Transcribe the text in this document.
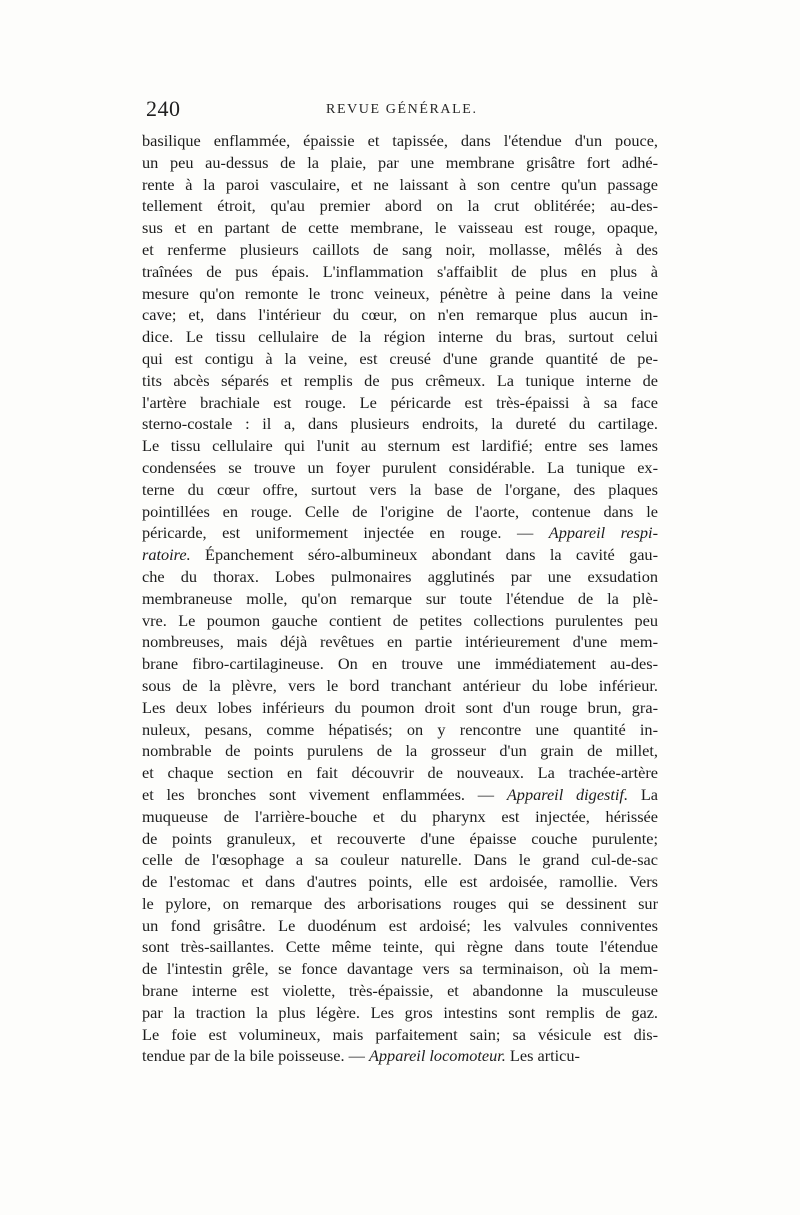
240	REVUE GÉNÉRALE.
basilique enflammée, épaissie et tapissée, dans l'étendue d'un pouce,
un peu au-dessus de la plaie, par une membrane grisâtre fort adhé-
rente à la paroi vasculaire, et ne laissant à son centre qu'un passage
tellement étroit, qu'au premier abord on la crut oblitérée; au-des-
sus et en partant de cette membrane, le vaisseau est rouge, opaque,
et renferme plusieurs caillots de sang noir, mollasse, mêlés à des
traînées de pus épais. L'inflammation s'affaiblit de plus en plus à
mesure qu'on remonte le tronc veineux, pénètre à peine dans la veine
cave; et, dans l'intérieur du cœur, on n'en remarque plus aucun in-
dice. Le tissu cellulaire de la région interne du bras, surtout celui
qui est contigu à la veine, est creusé d'une grande quantité de pe-
tits abcès séparés et remplis de pus crêmeux. La tunique interne de
l'artère brachiale est rouge. Le péricarde est très-épaissi à sa face
sterno-costale : il a, dans plusieurs endroits, la dureté du cartilage.
Le tissu cellulaire qui l'unit au sternum est lardifié; entre ses lames
condensées se trouve un foyer purulent considérable. La tunique ex-
terne du cœur offre, surtout vers la base de l'organe, des plaques
pointillées en rouge. Celle de l'origine de l'aorte, contenue dans le
péricarde, est uniformement injectée en rouge. — Appareil respi-
ratoire. Épanchement séro-albumineux abondant dans la cavité gau-
che du thorax. Lobes pulmonaires agglutinés par une exsudation
membraneuse molle, qu'on remarque sur toute l'étendue de la plè-
vre. Le poumon gauche contient de petites collections purulentes peu
nombreuses, mais déjà revêtues en partie intérieurement d'une mem-
brane fibro-cartilagineuse. On en trouve une immédiatement au-des-
sous de la plèvre, vers le bord tranchant antérieur du lobe inférieur.
Les deux lobes inférieurs du poumon droit sont d'un rouge brun, gra-
nuleux, pesans, comme hépatisés; on y rencontre une quantité in-
nombrable de points purulens de la grosseur d'un grain de millet,
et chaque section en fait découvrir de nouveaux. La trachée-artère
et les bronches sont vivement enflammées. — Appareil digestif. La
muqueuse de l'arrière-bouche et du pharynx est injectée, hérissée
de points granuleux, et recouverte d'une épaisse couche purulente;
celle de l'œsophage a sa couleur naturelle. Dans le grand cul-de-sac
de l'estomac et dans d'autres points, elle est ardoisée, ramollie. Vers
le pylore, on remarque des arborisations rouges qui se dessinent sur
un fond grisâtre. Le duodénum est ardoisé; les valvules conniventes
sont très-saillantes. Cette même teinte, qui règne dans toute l'étendue
de l'intestin grêle, se fonce davantage vers sa terminaison, où la mem-
brane interne est violette, très-épaissie, et abandonne la musculeuse
par la traction la plus légère. Les gros intestins sont remplis de gaz.
Le foie est volumineux, mais parfaitement sain; sa vésicule est dis-
tendue par de la bile poisseuse. — Appareil locomoteur. Les articu-
